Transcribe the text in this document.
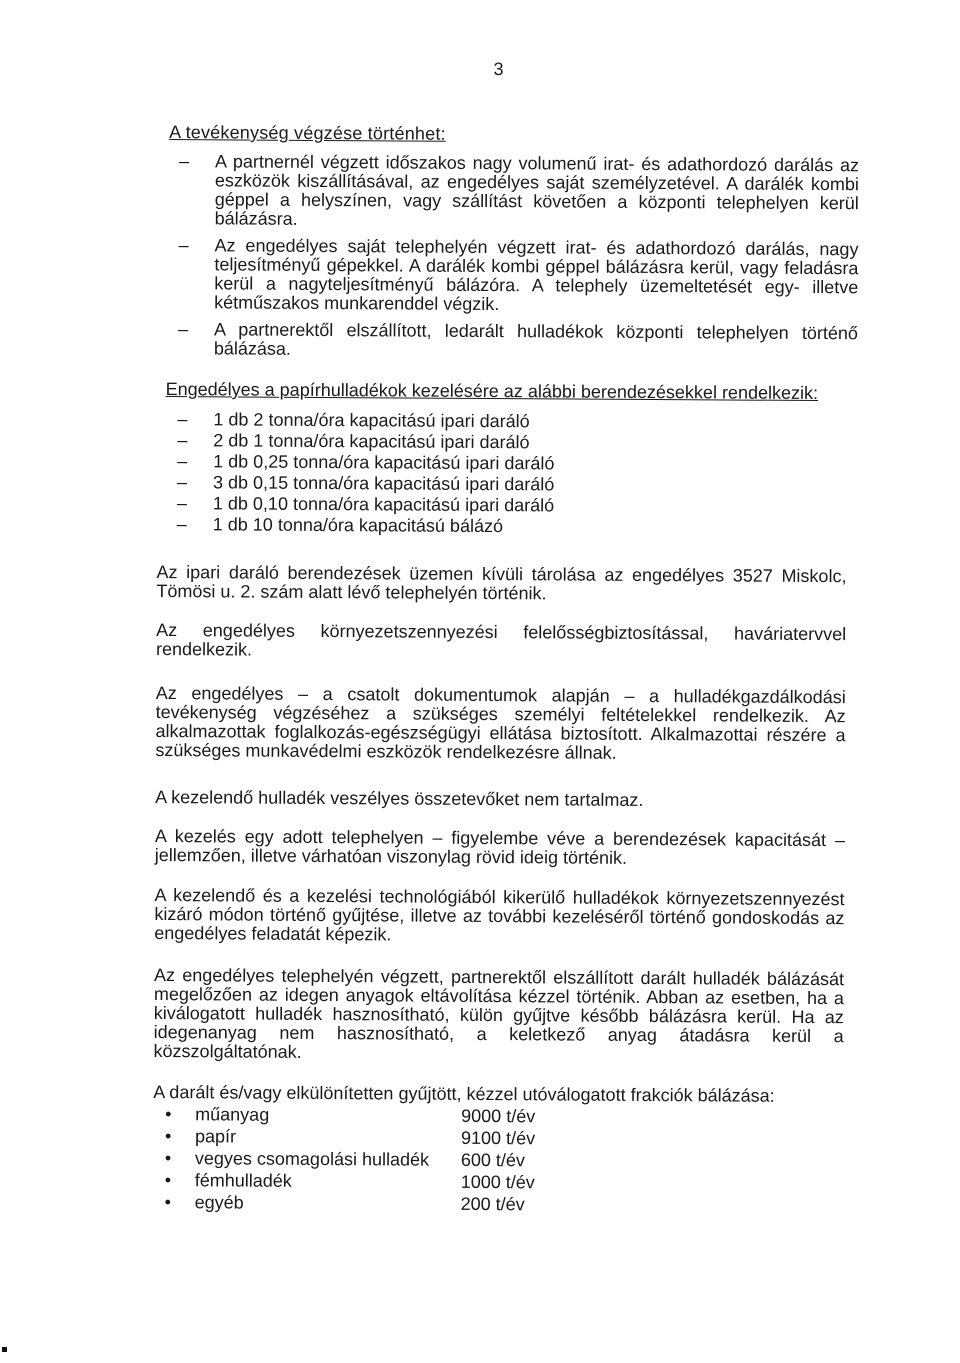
3
A tevékenység végzése történhet:
– A partnernél végzett időszakos nagy volumenű irat- és adathordozó darálás az eszközök kiszállításával, az engedélyes saját személyzetével. A darálék kombi géppel a helyszínen, vagy szállítást követően a központi telephelyen kerül bálázásra.
– Az engedélyes saját telephelyén végzett irat- és adathordozó darálás, nagy teljesítményű gépekkel. A darálék kombi géppel bálázásra kerül, vagy feladásra kerül a nagyteljesítményű bálázóra. A telephely üzemeltetését egy- illetve kétműszakos munkarenddel végzik.
– A partnerektől elszállított, ledarált hulladékok központi telephelyen történő bálázása.
Engedélyes a papírhulladékok kezelésére az alábbi berendezésekkel rendelkezik:
– 1 db 2 tonna/óra kapacitású ipari daráló
– 2 db 1 tonna/óra kapacitású ipari daráló
– 1 db 0,25 tonna/óra kapacitású ipari daráló
– 3 db 0,15 tonna/óra kapacitású ipari daráló
– 1 db 0,10 tonna/óra kapacitású ipari daráló
– 1 db 10 tonna/óra kapacitású bálázó

Az ipari daráló berendezések üzemen kívüli tárolása az engedélyes 3527 Miskolc, Tömösi u. 2. szám alatt lévő telephelyén történik.

Az engedélyes környezetszennyezési felelősségbiztosítással, haváriatervvel rendelkezik.

Az engedélyes – a csatolt dokumentumok alapján – a hulladékgazdálkodási tevékenység végzéséhez a szükséges személyi feltételekkel rendelkezik. Az alkalmazottak foglalkozás-egészségügyi ellátása biztosított. Alkalmazottai részére a szükséges munkavédelmi eszközök rendelkezésre állnak.

A kezelendő hulladék veszélyes összetevőket nem tartalmaz.

A kezelés egy adott telephelyen – figyelembe véve a berendezések kapacitását – jellemzően, illetve várhatóan viszonylag rövid ideig történik.

A kezelendő és a kezelési technológiából kikerülő hulladékok környezetszennyezést kizáró módon történő gyűjtése, illetve az további kezeléséről történő gondoskodás az engedélyes feladatát képezik.

Az engedélyes telephelyén végzett, partnerektől elszállított darált hulladék bálázását megelőzően az idegen anyagok eltávolítása kézzel történik. Abban az esetben, ha a kiválogatott hulladék hasznosítható, külön gyűjtve később bálázásra kerül. Ha az idegenanyag nem hasznosítható, a keletkező anyag átadásra kerül a közszolgáltatónak.

A darált és/vagy elkülönítetten gyűjtött, kézzel utóválogatott frakciók bálázása:

• műanyag	9000 t/év
• papír	9100 t/év
• vegyes csomagolási hulladék 600 t/év
• fémhulladék	1000 t/év
• egyéb	200 t/év
